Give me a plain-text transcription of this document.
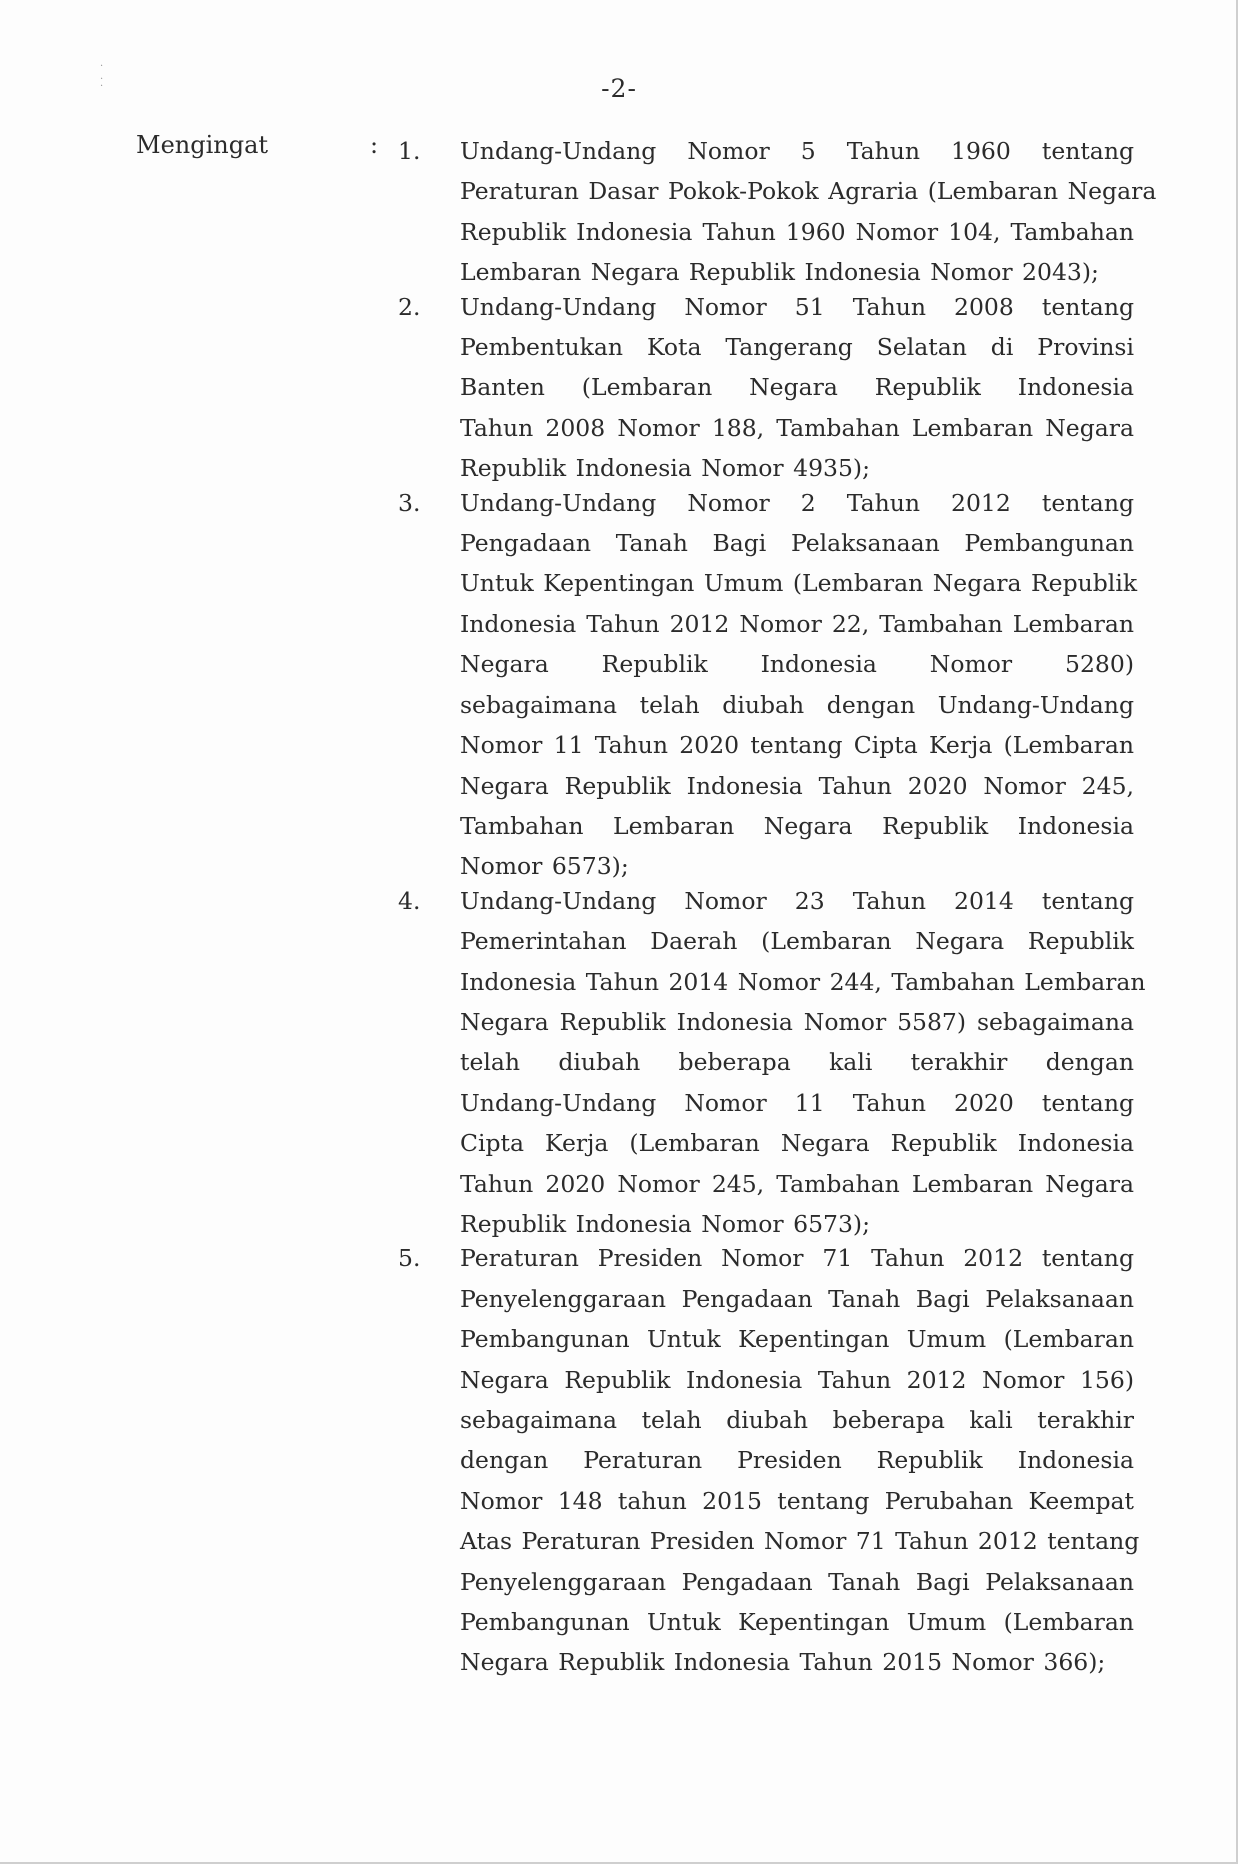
·
.
·	-2-
Mengingat	: 1.	Undang-Undang Nomor 5 Tahun 1960 tentang
Peraturan Dasar Pokok-Pokok Agraria (Lembaran Negara
Republik Indonesia Tahun 1960 Nomor 104, Tambahan
Lembaran Negara Republik Indonesia Nomor 2043);
2.	Undang-Undang Nomor 51 Tahun 2008 tentang
Pembentukan Kota Tangerang Selatan di Provinsi
Banten (Lembaran Negara Republik Indonesia
Tahun 2008 Nomor 188, Tambahan Lembaran Negara
Republik Indonesia Nomor 4935);
3.	Undang-Undang Nomor 2 Tahun 2012 tentang
Pengadaan Tanah Bagi Pelaksanaan Pembangunan
Untuk Kepentingan Umum (Lembaran Negara Republik
Indonesia Tahun 2012 Nomor 22, Tambahan Lembaran
Negara Republik Indonesia Nomor 5280)
sebagaimana telah diubah dengan Undang-Undang
Nomor 11 Tahun 2020 tentang Cipta Kerja (Lembaran
Negara Republik Indonesia Tahun 2020 Nomor 245,
Tambahan Lembaran Negara Republik Indonesia
Nomor 6573);
4.	Undang-Undang Nomor 23 Tahun 2014 tentang
Pemerintahan Daerah (Lembaran Negara Republik
Indonesia Tahun 2014 Nomor 244, Tambahan Lembaran
Negara Republik Indonesia Nomor 5587) sebagaimana
telah diubah beberapa kali terakhir dengan
Undang-Undang Nomor 11 Tahun 2020 tentang
Cipta Kerja (Lembaran Negara Republik Indonesia
Tahun 2020 Nomor 245, Tambahan Lembaran Negara
Republik Indonesia Nomor 6573);
5.	Peraturan Presiden Nomor 71 Tahun 2012 tentang
Penyelenggaraan Pengadaan Tanah Bagi Pelaksanaan
Pembangunan Untuk Kepentingan Umum (Lembaran
Negara Republik Indonesia Tahun 2012 Nomor 156)
sebagaimana telah diubah beberapa kali terakhir
dengan Peraturan Presiden Republik Indonesia
Nomor 148 tahun 2015 tentang Perubahan Keempat
Atas Peraturan Presiden Nomor 71 Tahun 2012 tentang
Penyelenggaraan Pengadaan Tanah Bagi Pelaksanaan
Pembangunan Untuk Kepentingan Umum (Lembaran
Negara Republik Indonesia Tahun 2015 Nomor 366);
